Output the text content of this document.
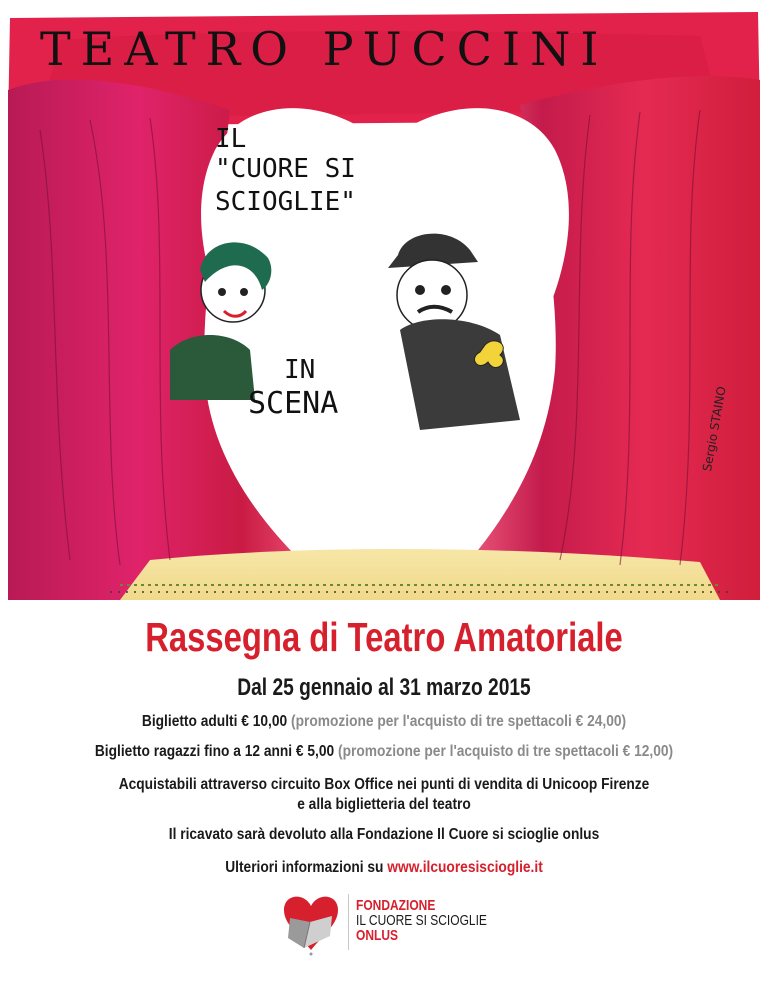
TEATRO PUCCINI
IL
"CUORE SI
SCIOGLIE"
IN
SCENA	Sergio STAINO
Rassegna di Teatro Amatoriale
Dal 25 gennaio al 31 marzo 2015
Biglietto adulti € 10,00 (promozione per l'acquisto di tre spettacoli € 24,00)
Biglietto ragazzi fino a 12 anni € 5,00 (promozione per l'acquisto di tre spettacoli € 12,00)
Acquistabili attraverso circuito Box Office nei punti di vendita di Unicoop Firenze
e alla biglietteria del teatro
Il ricavato sarà devoluto alla Fondazione Il Cuore si scioglie onlus
Ulteriori informazioni su www.ilcuoresiscioglie.it
FONDAZIONE
IL CUORE SI SCIOGLIE
ONLUS
